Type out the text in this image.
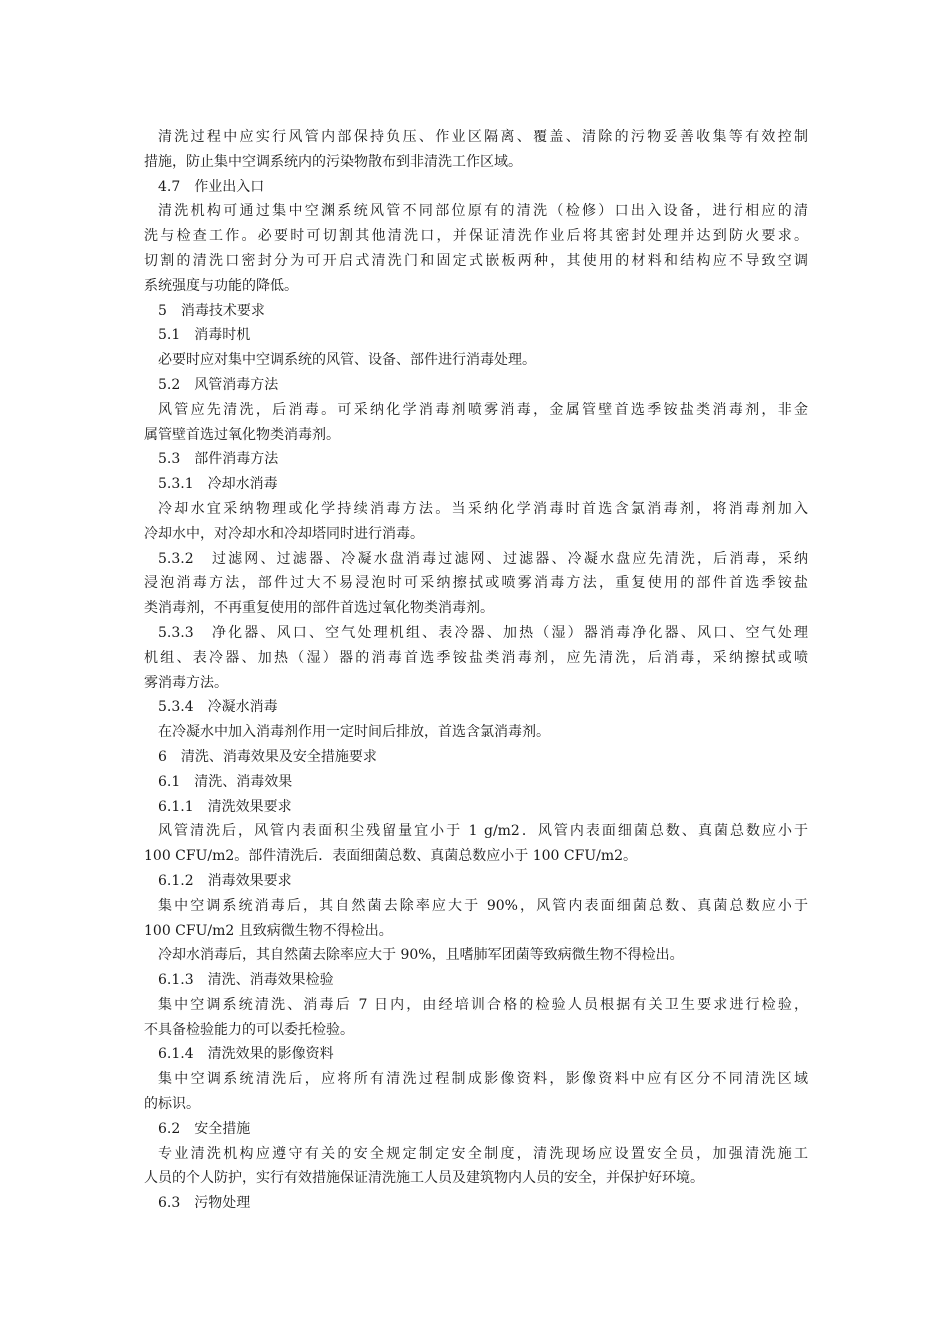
清洗过程中应实行风管内部保持负压、作业区隔离、覆盖、清除的污物妥善收集等有效控制
措施，防止集中空调系统内的污染物散布到非清洗工作区域。
4.7　作业出入口
清洗机构可通过集中空渊系统风管不同部位原有的清洗（检修）口出入设备，进行相应的清
洗与检查工作。必要时可切割其他清洗口，并保证清洗作业后将其密封处理并达到防火要求。
切割的清洗口密封分为可开启式清洗门和固定式嵌板两种，其使用的材料和结构应不导致空调
系统强度与功能的降低。
5　消毒技术要求
5.1　消毒时机
必要时应对集中空调系统的风管、设备、部件进行消毒处理。
5.2　风管消毒方法
风管应先清洗，后消毒。可采纳化学消毒剂喷雾消毒，金属管壁首选季铵盐类消毒剂，非金
属管壁首选过氧化物类消毒剂。
5.3　部件消毒方法
5.3.1　冷却水消毒
冷却水宜采纳物理或化学持续消毒方法。当采纳化学消毒时首选含氯消毒剂，将消毒剂加入
冷却水中，对冷却水和冷却塔同时进行消毒。
5.3.2　过滤网、过滤器、冷凝水盘消毒过滤网、过滤器、冷凝水盘应先清洗，后消毒，采纳
浸泡消毒方法，部件过大不易浸泡时可采纳擦拭或喷雾消毒方法，重复使用的部件首选季铵盐
类消毒剂，不再重复使用的部件首选过氧化物类消毒剂。
5.3.3　净化器、风口、空气处理机组、表冷器、加热（湿）器消毒净化器、风口、空气处理
机组、表冷器、加热（湿）器的消毒首选季铵盐类消毒剂，应先清洗，后消毒，采纳擦拭或喷
雾消毒方法。
5.3.4　冷凝水消毒
在冷凝水中加入消毒剂作用一定时间后排放，首选含氯消毒剂。
6　清洗、消毒效果及安全措施要求
6.1　清洗、消毒效果
6.1.1　清洗效果要求
风管清洗后，风管内表面积尘残留量宜小于 1 g/m2．风管内表面细菌总数、真菌总数应小于
100 CFU/m2。部件清洗后．表面细菌总数、真菌总数应小于 100 CFU/m2。
6.1.2　消毒效果要求
集中空调系统消毒后，其自然菌去除率应大于 90%，风管内表面细菌总数、真菌总数应小于
100 CFU/m2 且致病微生物不得检出。
冷却水消毒后，其自然菌去除率应大于 90%，且嗜肺军团菌等致病微生物不得检出。
6.1.3　清洗、消毒效果检验
集中空调系统清洗、消毒后 7 日内，由经培训合格的检验人员根据有关卫生要求进行检验，
不具备检验能力的可以委托检验。
6.1.4　清洗效果的影像资料
集中空调系统清洗后，应将所有清洗过程制成影像资料，影像资料中应有区分不同清洗区域
的标识。
6.2　安全措施
专业清洗机构应遵守有关的安全规定制定安全制度，清洗现场应设置安全员，加强清洗施工
人员的个人防护，实行有效措施保证清洗施工人员及建筑物内人员的安全，并保护好环境。
6.3　污物处理
